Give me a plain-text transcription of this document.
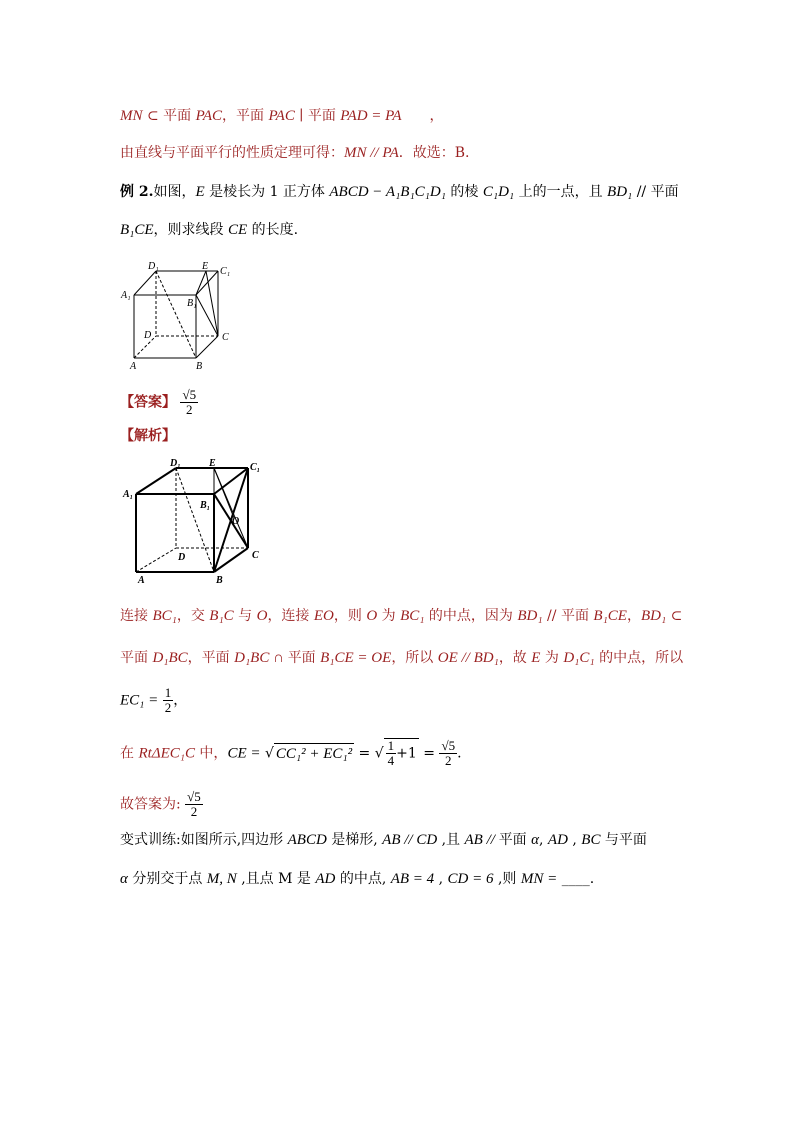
MN ⊂ 平面 PAC，平面 PAC ∣ 平面 PAD = PA ，
由直线与平面平行的性质定理可得：MN // PA．故选：B.
例 2.如图，E 是棱长为 1 正方体 ABCD − A₁B₁C₁D₁ 的棱 C₁D₁ 上的一点，且 BD₁ // 平面
B₁CE，则求线段 CE 的长度.
D₁	E C₁
A₁
B₁
D	C
A	B
【答案】 $\frac{√5}{2}$
【解析】
D₁	E	C₁
A₁
B₁
O
D	C
A	B
连接 BC₁，交 B₁C 与 O，连接 EO，则 O 为 BC₁ 的中点，因为 BD₁ // 平面 B₁CE，BD₁ ⊂
平面 D₁BC，平面 D₁BC ∩ 平面 B₁CE = OE，所以 OE // BD₁，故 E 为 D₁C₁ 的中点，所以
$EC_1 = \frac{1}{2}$ ，
在 RtΔEC₁C 中，CE = √ CC₁² + EC₁² = √ $\frac{1}{4} +1 = \frac{√5}{2}$ .
故答案为: $\frac{√5}{2}$
变式训练:如图所示,四边形 ABCD 是梯形, AB // CD ,且 AB // 平面 α, AD , BC 与平面
α 分别交于点 M, N ,且点 M 是 AD 的中点, AB = 4 , CD = 6 ,则 MN = ____.
